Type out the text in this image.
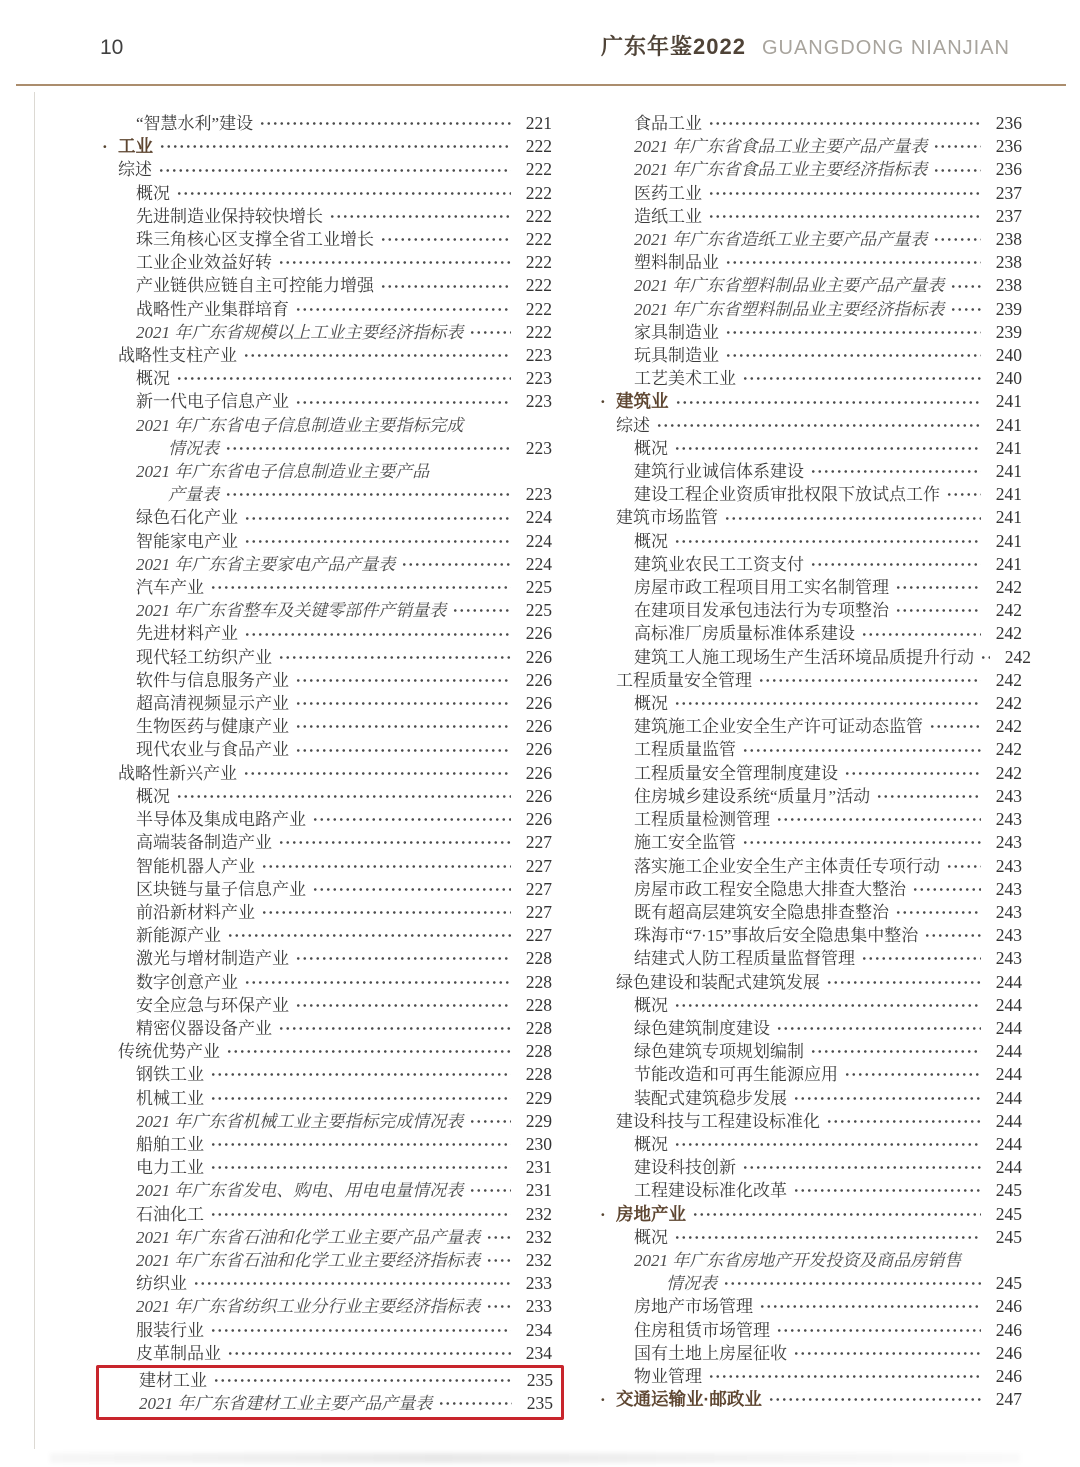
10	广东年鉴2022 GUANGDONG NIANJIAN
“智慧水利”建设	221
· 工业	222
综述	222
概况	222
先进制造业保持较快增长	222
珠三角核心区支撑全省工业增长	222
工业企业效益好转	222
产业链供应链自主可控能力增强	222
战略性产业集群培育	222
2021 年广东省规模以上工业主要经济指标表	222
战略性支柱产业	223
概况	223
新一代电子信息产业	223
2021 年广东省电子信息制造业主要指标完成
情况表	223
2021 年广东省电子信息制造业主要产品
产量表	223
绿色石化产业	224
智能家电产业	224
2021 年广东省主要家电产品产量表	224
汽车产业	225
2021 年广东省整车及关键零部件产销量表	225
先进材料产业	226
现代轻工纺织产业	226
软件与信息服务产业	226
超高清视频显示产业	226
生物医药与健康产业	226
现代农业与食品产业	226
战略性新兴产业	226
概况	226
半导体及集成电路产业	226
高端装备制造产业	227
智能机器人产业	227
区块链与量子信息产业	227
前沿新材料产业	227
新能源产业	227
激光与增材制造产业	228
数字创意产业	228
安全应急与环保产业	228
精密仪器设备产业	228
传统优势产业	228
钢铁工业	228
机械工业	229
2021 年广东省机械工业主要指标完成情况表	229
船舶工业	230
电力工业	231
2021 年广东省发电、购电、用电电量情况表	231
石油化工	232
2021 年广东省石油和化学工业主要产品产量表	232
2021 年广东省石油和化学工业主要经济指标表	232
纺织业	233
2021 年广东省纺织工业分行业主要经济指标表	233
服装行业	234
皮革制品业	234
建材工业	235
2021 年广东省建材工业主要产品产量表	235
食品工业	236
2021 年广东省食品工业主要产品产量表	236
2021 年广东省食品工业主要经济指标表	236
医药工业	237
造纸工业	237
2021 年广东省造纸工业主要产品产量表	238
塑料制品业	238
2021 年广东省塑料制品业主要产品产量表	238
2021 年广东省塑料制品业主要经济指标表	239
家具制造业	239
玩具制造业	240
工艺美术工业	240
· 建筑业	241
综述	241
概况	241
建筑行业诚信体系建设	241
建设工程企业资质审批权限下放试点工作	241
建筑市场监管	241
概况	241
建筑业农民工工资支付	241
房屋市政工程项目用工实名制管理	242
在建项目发承包违法行为专项整治	242
高标准厂房质量标准体系建设	242
建筑工人施工现场生产生活环境品质提升行动	242
工程质量安全管理	242
概况	242
建筑施工企业安全生产许可证动态监管	242
工程质量监管	242
工程质量安全管理制度建设	242
住房城乡建设系统“质量月”活动	243
工程质量检测管理	243
施工安全监管	243
落实施工企业安全生产主体责任专项行动	243
房屋市政工程安全隐患大排查大整治	243
既有超高层建筑安全隐患排查整治	243
珠海市“7·15”事故后安全隐患集中整治	243
结建式人防工程质量监督管理	243
绿色建设和装配式建筑发展	244
概况	244
绿色建筑制度建设	244
绿色建筑专项规划编制	244
节能改造和可再生能源应用	244
装配式建筑稳步发展	244
建设科技与工程建设标准化	244
概况	244
建设科技创新	244
工程建设标准化改革	245
· 房地产业	245
概况	245
2021 年广东省房地产开发投资及商品房销售
情况表	245
房地产市场管理	246
住房租赁市场管理	246
国有土地上房屋征收	246
物业管理	246
· 交通运输业·邮政业	247
